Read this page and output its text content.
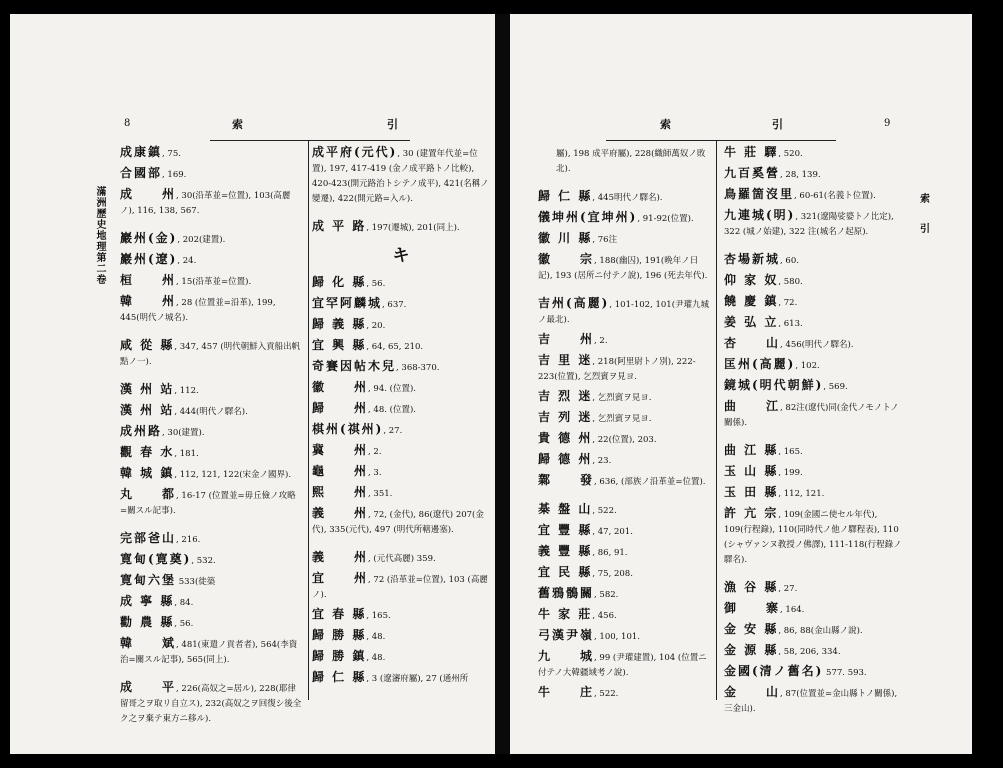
8	索	引
滿洲歷史地理第二卷
成康鎮, 75.
合國部, 169.
成　　州, 30(沿革並=位置), 103(高麗ノ), 116, 138, 567.
巖州(金), 202(建置).
巖州(遼), 24.
桓　　州, 15(沿革並=位置).
韓　　州, 28 (位置並=沿革), 199, 445(明代ノ城名).
咸 從 縣, 347, 457 (明代朝鮮入貢船出帆點ノ一).
漢 州 站, 112.
漢 州 站, 444(明代ノ驛名).
成州路, 30(建置).
觀 春 水, 181.
韓 城 鎮, 112, 121, 122(宋金ノ國界).
丸　　都, 16-17 (位置並=毋丘儉ノ攻略=關スル記事).
完部爸山, 216.
寛甸(寛奠), 532.
寛甸六堡 533(徙築
成 寧 縣, 84.
勸 農 縣, 56.
韓　　斌, 481(東遣ノ貢者者), 564(李資治=關スル記事), 565(同上).
成　　平, 226(高奴之=居ル), 228(耶律留哥之ヲ取リ自立ス), 232(高奴之ヲ回復シ後全ク之ヲ棄テ東方ニ移ル).
成平府(元代), 30 (建置年代並=位置), 197, 417-419 (金ノ成平路トノ比較), 420-423(開元路治トシテノ成平), 421(名稱ノ變遷), 422(開元路=入ル).
成 平 路, 197(遷城), 201(同上).
キ
歸 化 縣, 56.
宜罕阿麟城, 637.
歸 義 縣, 20.
宜 興 縣, 64, 65, 210.
奇賽因帖木兒, 368-370.
徽　　州, 94. (位置).
歸　　州, 48. (位置).
棋州(祺州), 27.
冀　　州, 2.
龜　　州, 3.
熙　　州, 351.
義　　州, 72, (金代), 86(遼代) 207(金代), 335(元代), 497 (明代所轄邊塞).
義　　州, (元代高麗) 359.
宜　　州, 72 (沿革並=位置), 103 (高麗ノ).
宜 春 縣, 165.
歸 勝 縣, 48.
歸 勝 鎮, 48.
歸 仁 縣, 3 (遼瀋府屬), 27 (通州所
9
索	引
索
引
屬), 198 成平府屬), 228(織師萬奴ノ敗北).
歸 仁 縣, 445明代ノ驛名).
儀坤州(宜坤州), 91-92(位置).
徽 川 縣, 76注
徽　　宗, 188(幽囚), 191(晩年ノ日記), 193 (居所ニ付テノ說), 196 (死去年代).
吉州(高麗), 101-102, 101(尹瓘九城ノ最北).
吉　　州, 2.
吉 里 迷, 218(阿里尉トノ別), 222-223(位置), 乞烈賓ヲ見ヨ.
吉 烈 迷, 乞烈賓ヲ見ヨ.
吉 列 迷, 乞烈賓ヲ見ヨ.
貴 德 州, 22(位置), 203.
歸 德 州, 23.
鄴　　發, 636, (部族ノ沿革並=位置).
棊 盤 山, 522.
宜 豐 縣, 47, 201.
義 豐 縣, 86, 91.
宜 民 縣, 75, 208.
舊鴉鶻關, 582.
牛 家 莊, 456.
弓漢尹嶺, 100, 101.
九　　城, 99 (尹瓘建置), 104 (位置ニ付テノ大韓疆域考ノ說).
牛　　庄, 522.
牛 莊 驛, 520.
九百奚營, 28, 139.
鳥羅箇沒里, 60-61(名義ト位置).
九連城(明), 321(遼陽娑婆トノ比定), 322 (城ノ始建), 322 注(城名ノ起原).
杏場新城, 60.
仰 家 奴, 580.
饒 慶 鎮, 72.
姜 弘 立, 613.
杏　　山, 456(明代ノ驛名).
匡州(高麗), 102.
鏡城(明代朝鮮), 569.
曲　　江, 82注(遼代)同(金代ノモノトノ關係).
曲 江 縣, 165.
玉 山 縣, 199.
玉 田 縣, 112, 121.
許 亢 宗, 109(金國ニ使セル年代), 109(行程錄), 110(同時代ノ他ノ驛程表), 110 (シャヴァンヌ教授ノ佛譯), 111-118(行程錄ノ驛名).
漁 谷 縣, 27.
御　　寨, 164.
金 安 縣, 86, 88(金山縣ノ說).
金 源 縣, 58, 206, 334.
金國(清ノ舊名) 577. 593.
金　　山, 87(位置並=金山縣トノ關係), 三金山).
